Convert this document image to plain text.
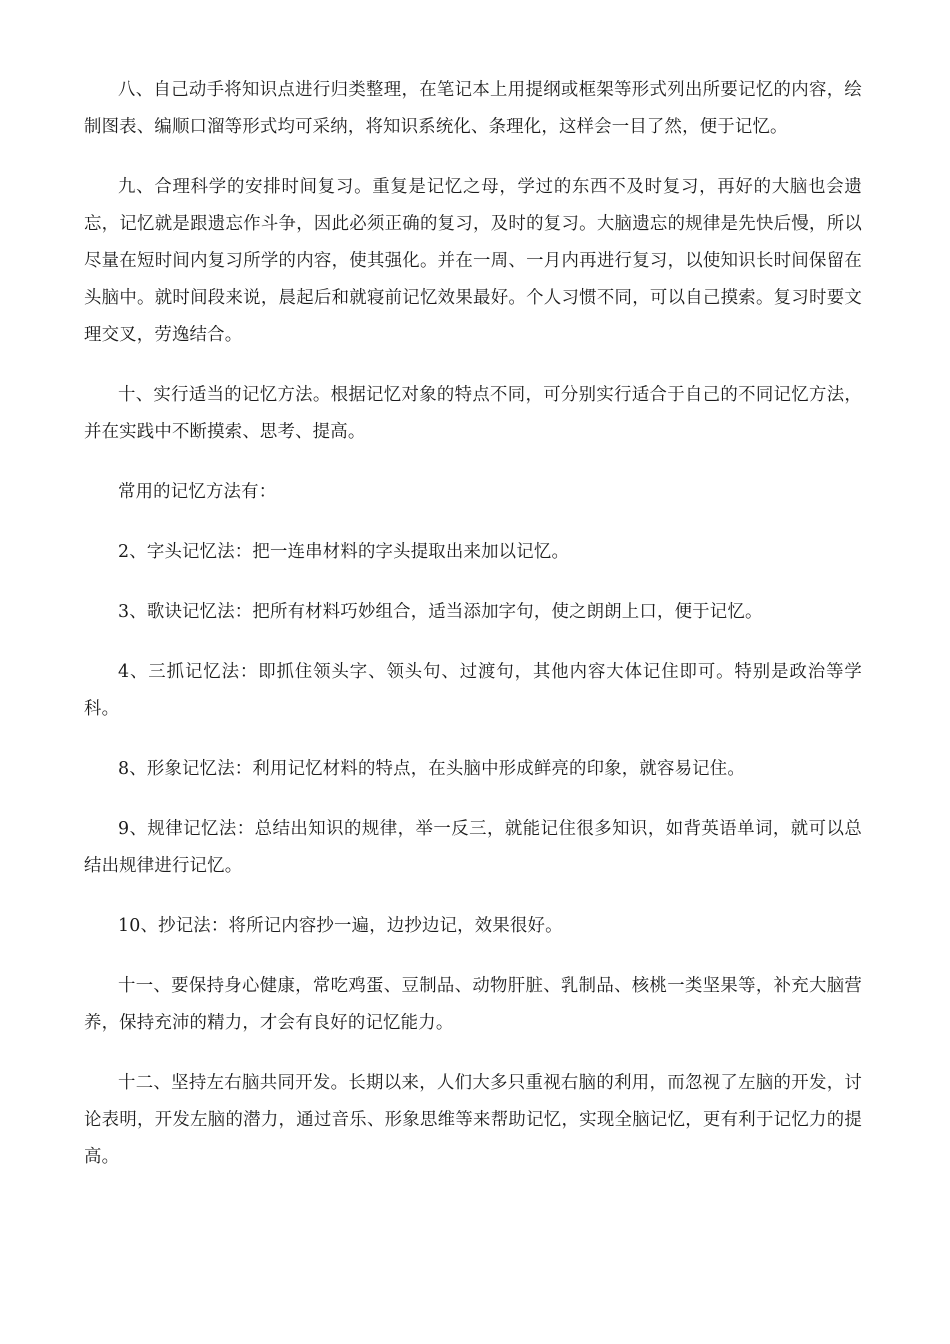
八、自己动手将知识点进行归类整理，在笔记本上用提纲或框架等形式列出所要记忆的内容，绘制图表、编顺口溜等形式均可采纳，将知识系统化、条理化，这样会一目了然，便于记忆。

九、合理科学的安排时间复习。重复是记忆之母，学过的东西不及时复习，再好的大脑也会遗忘，记忆就是跟遗忘作斗争，因此必须正确的复习，及时的复习。大脑遗忘的规律是先快后慢，所以尽量在短时间内复习所学的内容，使其强化。并在一周、一月内再进行复习，以使知识长时间保留在头脑中。就时间段来说，晨起后和就寝前记忆效果最好。个人习惯不同，可以自己摸索。复习时要文理交叉，劳逸结合。

十、实行适当的记忆方法。根据记忆对象的特点不同，可分别实行适合于自己的不同记忆方法，并在实践中不断摸索、思考、提高。

常用的记忆方法有：

2、字头记忆法：把一连串材料的字头提取出来加以记忆。

3、歌诀记忆法：把所有材料巧妙组合，适当添加字句，使之朗朗上口，便于记忆。

4、三抓记忆法：即抓住领头字、领头句、过渡句，其他内容大体记住即可。特别是政治等学科。

8、形象记忆法：利用记忆材料的特点，在头脑中形成鲜亮的印象，就容易记住。

9、规律记忆法：总结出知识的规律，举一反三，就能记住很多知识，如背英语单词，就可以总结出规律进行记忆。

10、抄记法：将所记内容抄一遍，边抄边记，效果很好。

十一、要保持身心健康，常吃鸡蛋、豆制品、动物肝脏、乳制品、核桃一类坚果等，补充大脑营养，保持充沛的精力，才会有良好的记忆能力。

十二、坚持左右脑共同开发。长期以来，人们大多只重视右脑的利用，而忽视了左脑的开发，讨论表明，开发左脑的潜力，通过音乐、形象思维等来帮助记忆，实现全脑记忆，更有利于记忆力的提高。
